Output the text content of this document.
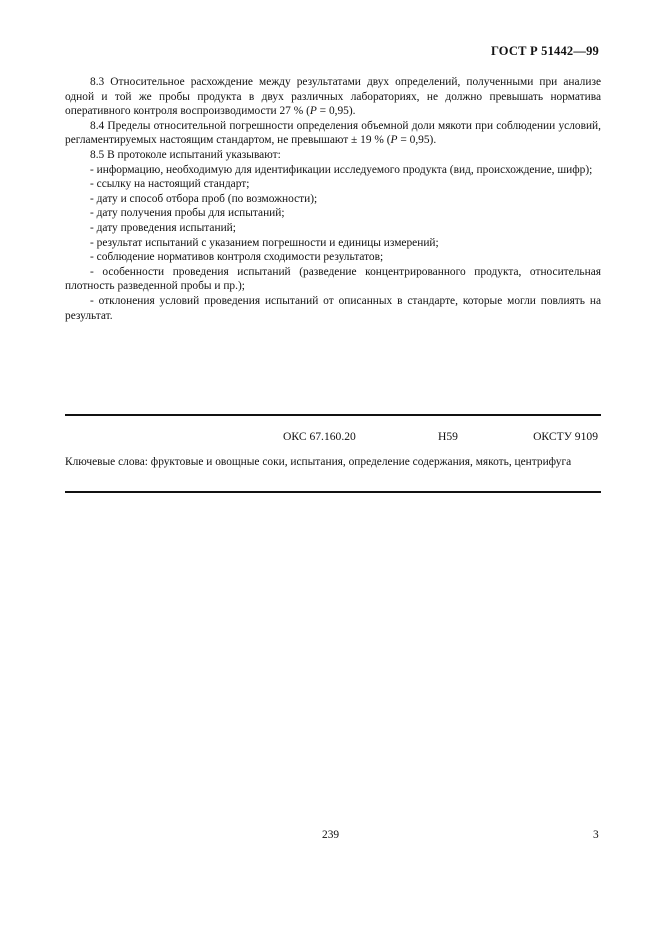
ГОСТ Р 51442—99

8.3 Относительное расхождение между результатами двух определений, полученными при анализе одной и той же пробы продукта в двух различных лабораториях, не должно превышать норматива оперативного контроля воспроизводимости 27 % (P = 0,95).

8.4 Пределы относительной погрешности определения объемной доли мякоти при соблюдении условий, регламентируемых настоящим стандартом, не превышают ± 19 % (P = 0,95).

8.5 В протоколе испытаний указывают:

- информацию, необходимую для идентификации исследуемого продукта (вид, происхождение, шифр);

- ссылку на настоящий стандарт;

- дату и способ отбора проб (по возможности);

- дату получения пробы для испытаний;

- дату проведения испытаний;

- результат испытаний с указанием погрешности и единицы измерений;

- соблюдение нормативов контроля сходимости результатов;

- особенности проведения испытаний (разведение концентрированного продукта, относительная плотность разведенной пробы и пр.);

- отклонения условий проведения испытаний от описанных в стандарте, которые могли повлиять на результат.

ОКС 67.160.20	Н59	ОКСТУ 9109
Ключевые слова: фруктовые и овощные соки, испытания, определение содержания, мякоть, центрифуга
239	3
